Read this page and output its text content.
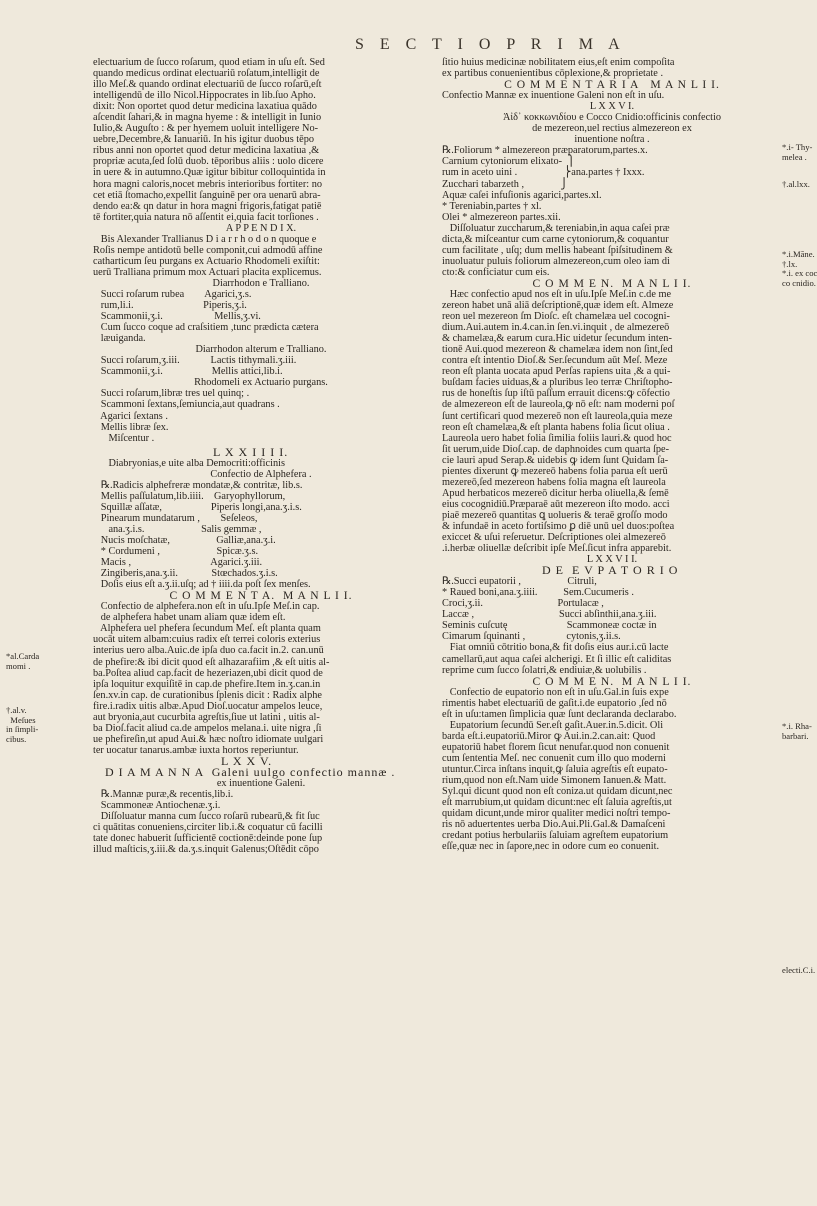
S E C T I O P R I M A
electuarium de ſucco roſarum, quod etiam in uſu eſt. Sed
quando medicus ordinat electuariū roſatum,intelligit de
illo Meſ.& quando ordinat electuariū de ſucco roſarū,eſt
intelligendū de illo Nicol.Hippocrates in lib.ſuo Apho.
dixit: Non oportet quod detur medicina laxatiua quādo
aſcendit ſahari,& in magna hyeme : & intelligit in Iunio
Iulio,& Auguſto : & per hyemem uoluit intelligere No-
uebre,Decembre,& Ianuariū. In his igitur duobus tēpo
ribus anni non oportet quod detur medicina laxatiua ,&
propriæ acuta,ſed ſolū duob. tēporibus aliis : uolo dicere
in uere & in autumno.Quæ igitur bibitur colloquintida in
hora magni caloris,nocet mebris interioribus fortiter: no
cet etiā ſtomacho,expellit ſanguinē per ora uenarū abra-
dendo ea:& qn datur in hora magni frigoris,fatigat patiē
tē fortiter,quia natura nō aſſentit ei,quia facit torſiones .
A P P E N D I X.
Bis Alexander Trallianus D i a r r h o d o n quoque e
Roſis nempe antidotū belle componit,cui admodū affine
catharticum ſeu purgans ex Actuario Rhodomeli exiſtit:
uerū Tralliana primum mox Actuari placita explicemus.
Diarrhodon e Tralliano.
Succi roſarum rubea        Agarici,ʒ.s.
rum,li.i.                           Piperis,ʒ.i.
Scammonii,ʒ.i.                    Mellis,ʒ.vi.
Cum ſucco coque ad craſsitiem ,tunc prædicta cætera
læuiganda.
Diarrhodon alterum e Tralliano.
Succi roſarum,ʒ.iii.            Lactis tithymali.ʒ.iii.
Scammonii,ʒ.i.                   Mellis attici,lib.i.
Rhodomeli ex Actuario purgans.
Succi roſarum,libræ tres uel quinq; .
Scammoni ſextans,ſemiuncia,aut quadrans .
Agarici ſextans .
Mellis libræ ſex.
Miſcentur .
L X X I I I I.
Diabryonias,e uite alba Democriti:officinis
Confectio de Alphefera .
℞.Radicis alphefreræ mondatæ,& contritæ, lib.s.
Mellis paſſulatum,lib.iiii.    Garyophyllorum,
Squillæ aſſatæ,                   Piperis longi,ana.ʒ.i.s.
Pinearum mundatarum ,        Seſeleos,
ana.ʒ.i.s.                      Salis gemmæ ,
Nucis moſchatæ,                  Galliæ,ana.ʒ.i.
* Cordumeni ,                      Spicæ.ʒ.s.
Macis ,                               Agarici.ʒ.iii.
Zingiberis,ana.ʒ.ii.             Stœchados.ʒ.i.s.
Doſis eius eſt a.ʒ.ii.uſq; ad † iiii.da poſt ſex menſes.
C O M M E N T A.  M A N L I I.
Confectio de alphefera.non eſt in uſu.Ipſe Meſ.in cap.
de alphefera habet unam aliam quæ idem eſt.
Alphefera uel phefera ſecundum Meſ. eſt planta quam
uocāt uitem albam:cuius radix eſt terrei coloris exterius
interius uero alba.Auic.de ipſa duo ca.facit in.2. can.unū
de phefire:& ibi dicit quod eſt alhazarafiim ,& eſt uitis al-
ba.Poſtea aliud cap.facit de hezeriazen,ubi dicit quod de
ipſa loquitur exquiſitē in cap.de phefire.Item in.ʒ.can.in
ſen.xv.in cap. de curationibus ſplenis dicit : Radix alphe
fire.i.radix uitis albæ.Apud Dioſ.uocatur ampelos leuce,
aut bryonia,aut cucurbita agreſtis,ſiue ut latini , uitis al-
ba Dioſ.facit aliud ca.de ampelos melana.i. uite nigra ,ſi
ue phefireſin,ut apud Aui.& hæc noſtro idiomate uulgari
ter uocatur tanarus.ambæ iuxta hortos reperiuntur.
L X X V.
D I A M A N N A  Galeni uulgo confectio mannæ .
ex inuentione Galeni.
℞.Mannæ puræ,& recentis,lib.i.
Scammoneæ Antiochenæ.ʒ.i.
Diſſoluatur manna cum ſucco roſarū rubearū,& fit ſuc
ci quātitas conueniens,circiter lib.i.& coquatur cū facilli
tate donec habuerit ſufficientē coctionē:deinde pone ſup
illud maſticis,ʒ.iii.& da.ʒ.s.inquit Galenus;Oſtēdit cōpo
ſitio huius medicinæ nobilitatem eius,eſt enim compoſita
ex partibus conuenientibus cōplexione,& proprietate .
C O M M E N T A R I A   M A N L I I.
Confectio Mannæ ex inuentione Galeni non eſt in uſu.
L X X V I.
Ἀἰδ᾽ κοκκωνιδίου e Cocco Cnidio:officinis confectio
de mezereon,uel rectius almezereon ex
inuentione noſtra .
℞.Foliorum * almezereon præparatorum,partes.x.
Carnium cytoniorum elixato-  ⎫
rum in aceto uini .                  ⎬ana.partes † Ixxx.
Zucchari tabarzeth ,              ⎭
Aquæ caſei infuſionis agarici,partes.xl.
* Tereniabin,partes † xl.
Olei * almezereon partes.xii.
Diſſoluatur zuccharum,& tereniabin,in aqua caſei præ
dicta,& miſceantur cum carne cytoniorum,& coquantur
cum facilitate , uſq; dum mellis habeant ſpiſsitudinem &
inuoluatur puluis foliorum almezereon,cum oleo iam di
cto:& conficiatur cum eis.
C O M M E N.  M A N L I I.
Hæc confectio apud nos eſt in uſu.Ipſe Meſ.in c.de me
zereon habet unā aliā deſcriptionē,quæ idem eſt. Almeze
reon uel mezereon ſm Dioſc. eſt chamelæa uel cocogni-
dium.Aui.autem in.4.can.in ſen.vi.inquit , de almezereō
& chamelæa,& earum cura.Hic uidetur ſecundum inten-
tionē Aui.quod mezereon & chamelæa idem non ſint,ſed
contra eſt intentio Dioſ.& Ser.ſecundum aūt Meſ. Meze
reon eſt planta uocata apud Perſas rapiens uita ,& a qui-
buſdam facies uiduas,& a pluribus leo terræ Chriſtopho-
rus de honeſtis ſup iſtū paſſum errauit dicens:ꝙ cōfectio
de almezereon eſt de laureola,ꝙ nō eſt: nam moderni poſ
ſunt certificari quod mezereō non eſt laureola,quia meze
reon eſt chamelæa,& eſt planta habens folia ſicut oliua .
Laureola uero habet folia ſimilia foliis lauri.& quod hoc
ſit uerum,uide Dioſ.cap. de daphnoides cum quarta ſpe-
cie lauri apud Serap.& uidebis ꝙ idem ſunt Quidam ſa-
pientes dixerunt ꝙ mezereō habens folia parua eſt uerū
mezereō,ſed mezereon habens folia magna eſt laureola
Apud herbaticos mezereō dicitur herba oliuella,& ſemē
eius cocognidiū.Præparaē aūt mezereon iſto modo. acci
piaē mezereō quantitas ꝗ uolueris & teraē groſſo modo
& infundaē in aceto fortiſsimo ꝑ diē unū uel duos:poſtea
exiccet & uſui reſeruetur. Deſcriptiones olei almezereō
.i.herbæ oliuellæ deſcribit ipſe Meſ.ſicut infra apparebit.
L X X V I I.
D E  E V P A T O R I O
℞.Succi eupatorii ,                  Citruli,
* Raued boni,ana.ʒ.iiii.          Sem.Cucumeris .
Croci,ʒ.ii.                             Portulacæ ,
Laccæ ,                                 Succi abſinthii,ana.ʒ.iii.
Seminis cuſcutę                       Scammoneæ coctæ in
Cimarum ſquinanti ,                cytonis,ʒ.ii.s.
Fiat omniū cōtritio bona,& fit doſis eius aur.i.cū lacte
camellarū,aut aqua caſei alcherigi. Et ſi illic eſt caliditas
reprime cum ſucco ſolatri,& endiuiæ,& uolubilis .
C O M M E N.  M A N L I I.
Confectio de eupatorio non eſt in uſu.Gal.in ſuis expe
rimentis habet electuariū de gaſit.i.de eupatorio ,ſed nō
eſt in uſu:tamen ſimplicia quæ ſunt declaranda declarabo.
Eupatorium ſecundū Ser.eſt gaſit.Auer.in.5.dicit. Oli
barda eſt.i.eupatoriū.Miror ꝙ Aui.in.2.can.ait: Quod
eupatoriū habet florem ſicut nenufar.quod non conuenit
cum ſententia Meſ. nec conuenit cum illo quo moderni
utuntur.Circa inſtans inquit,ꝙ ſaluia agreſtis eſt eupato-
rium,quod non eſt.Nam uide Simonem Ianuen.& Matt.
Syl.qui dicunt quod non eſt coniza.ut quidam dicunt,nec
eſt marrubium,ut quidam dicunt:nec eſt ſaluia agreſtis,ut
quidam dicunt,unde miror qualiter medici noſtri tempo-
ris nō aduertentes uerba Dio.Aui.Pli.Gal.& Damaſceni
credant potius herbulariis ſaluiam agreſtem eupatorium
eſſe,quæ nec in ſapore,nec in odore cum eo conuenit.
*al.Carda
momi .
†.al.v.
Meſues
in ſimpli-
cibus.
*.i- Thy-
melea .
†.al.lxx.
*.i.Māne.
†.lx.
*.i. ex coc
co cnidio.
*.i. Rha-
barbari.
electi.C.i.
